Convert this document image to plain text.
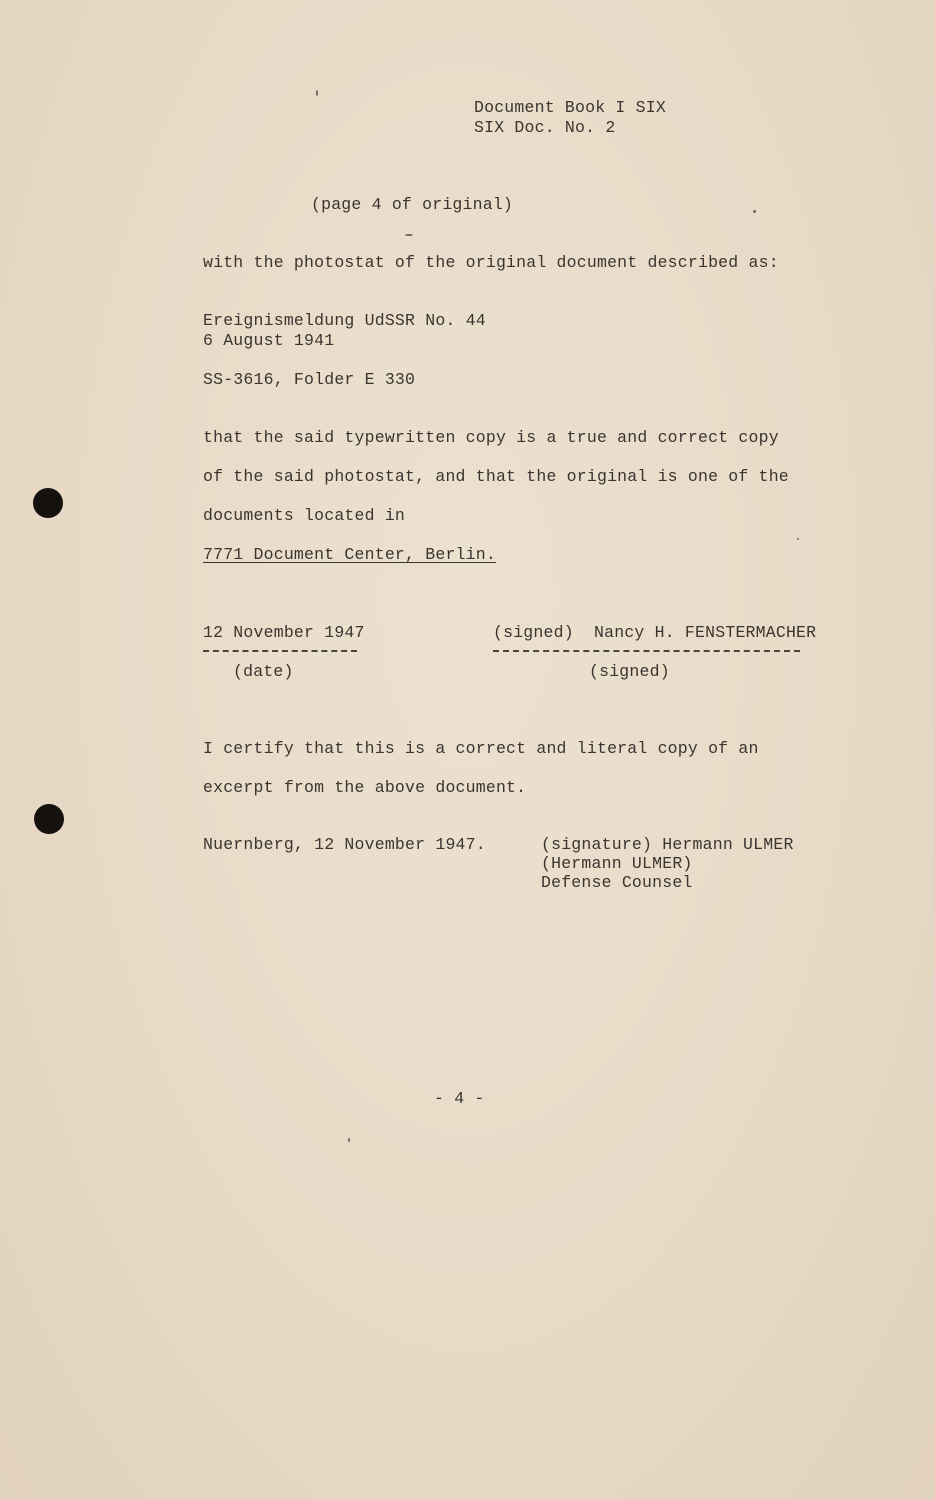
Document Book I SIX
SIX Doc. No. 2
(page 4 of original)
with the photostat of the original document described as:
Ereignismeldung UdSSR No. 44
6 August 1941
SS-3616, Folder E 330
that the said typewritten copy is a true and correct copy
of the said photostat, and that the original is one of the
documents located in
7771 Document Center, Berlin.
12 November 1947
(date)
(signed)  Nancy H. FENSTERMACHER
(signed)
I certify that this is a correct and literal copy of an
excerpt from the above document.
Nuernberg, 12 November 1947.	(signature) Hermann ULMER
(Hermann ULMER)
Defense Counsel
- 4 -
